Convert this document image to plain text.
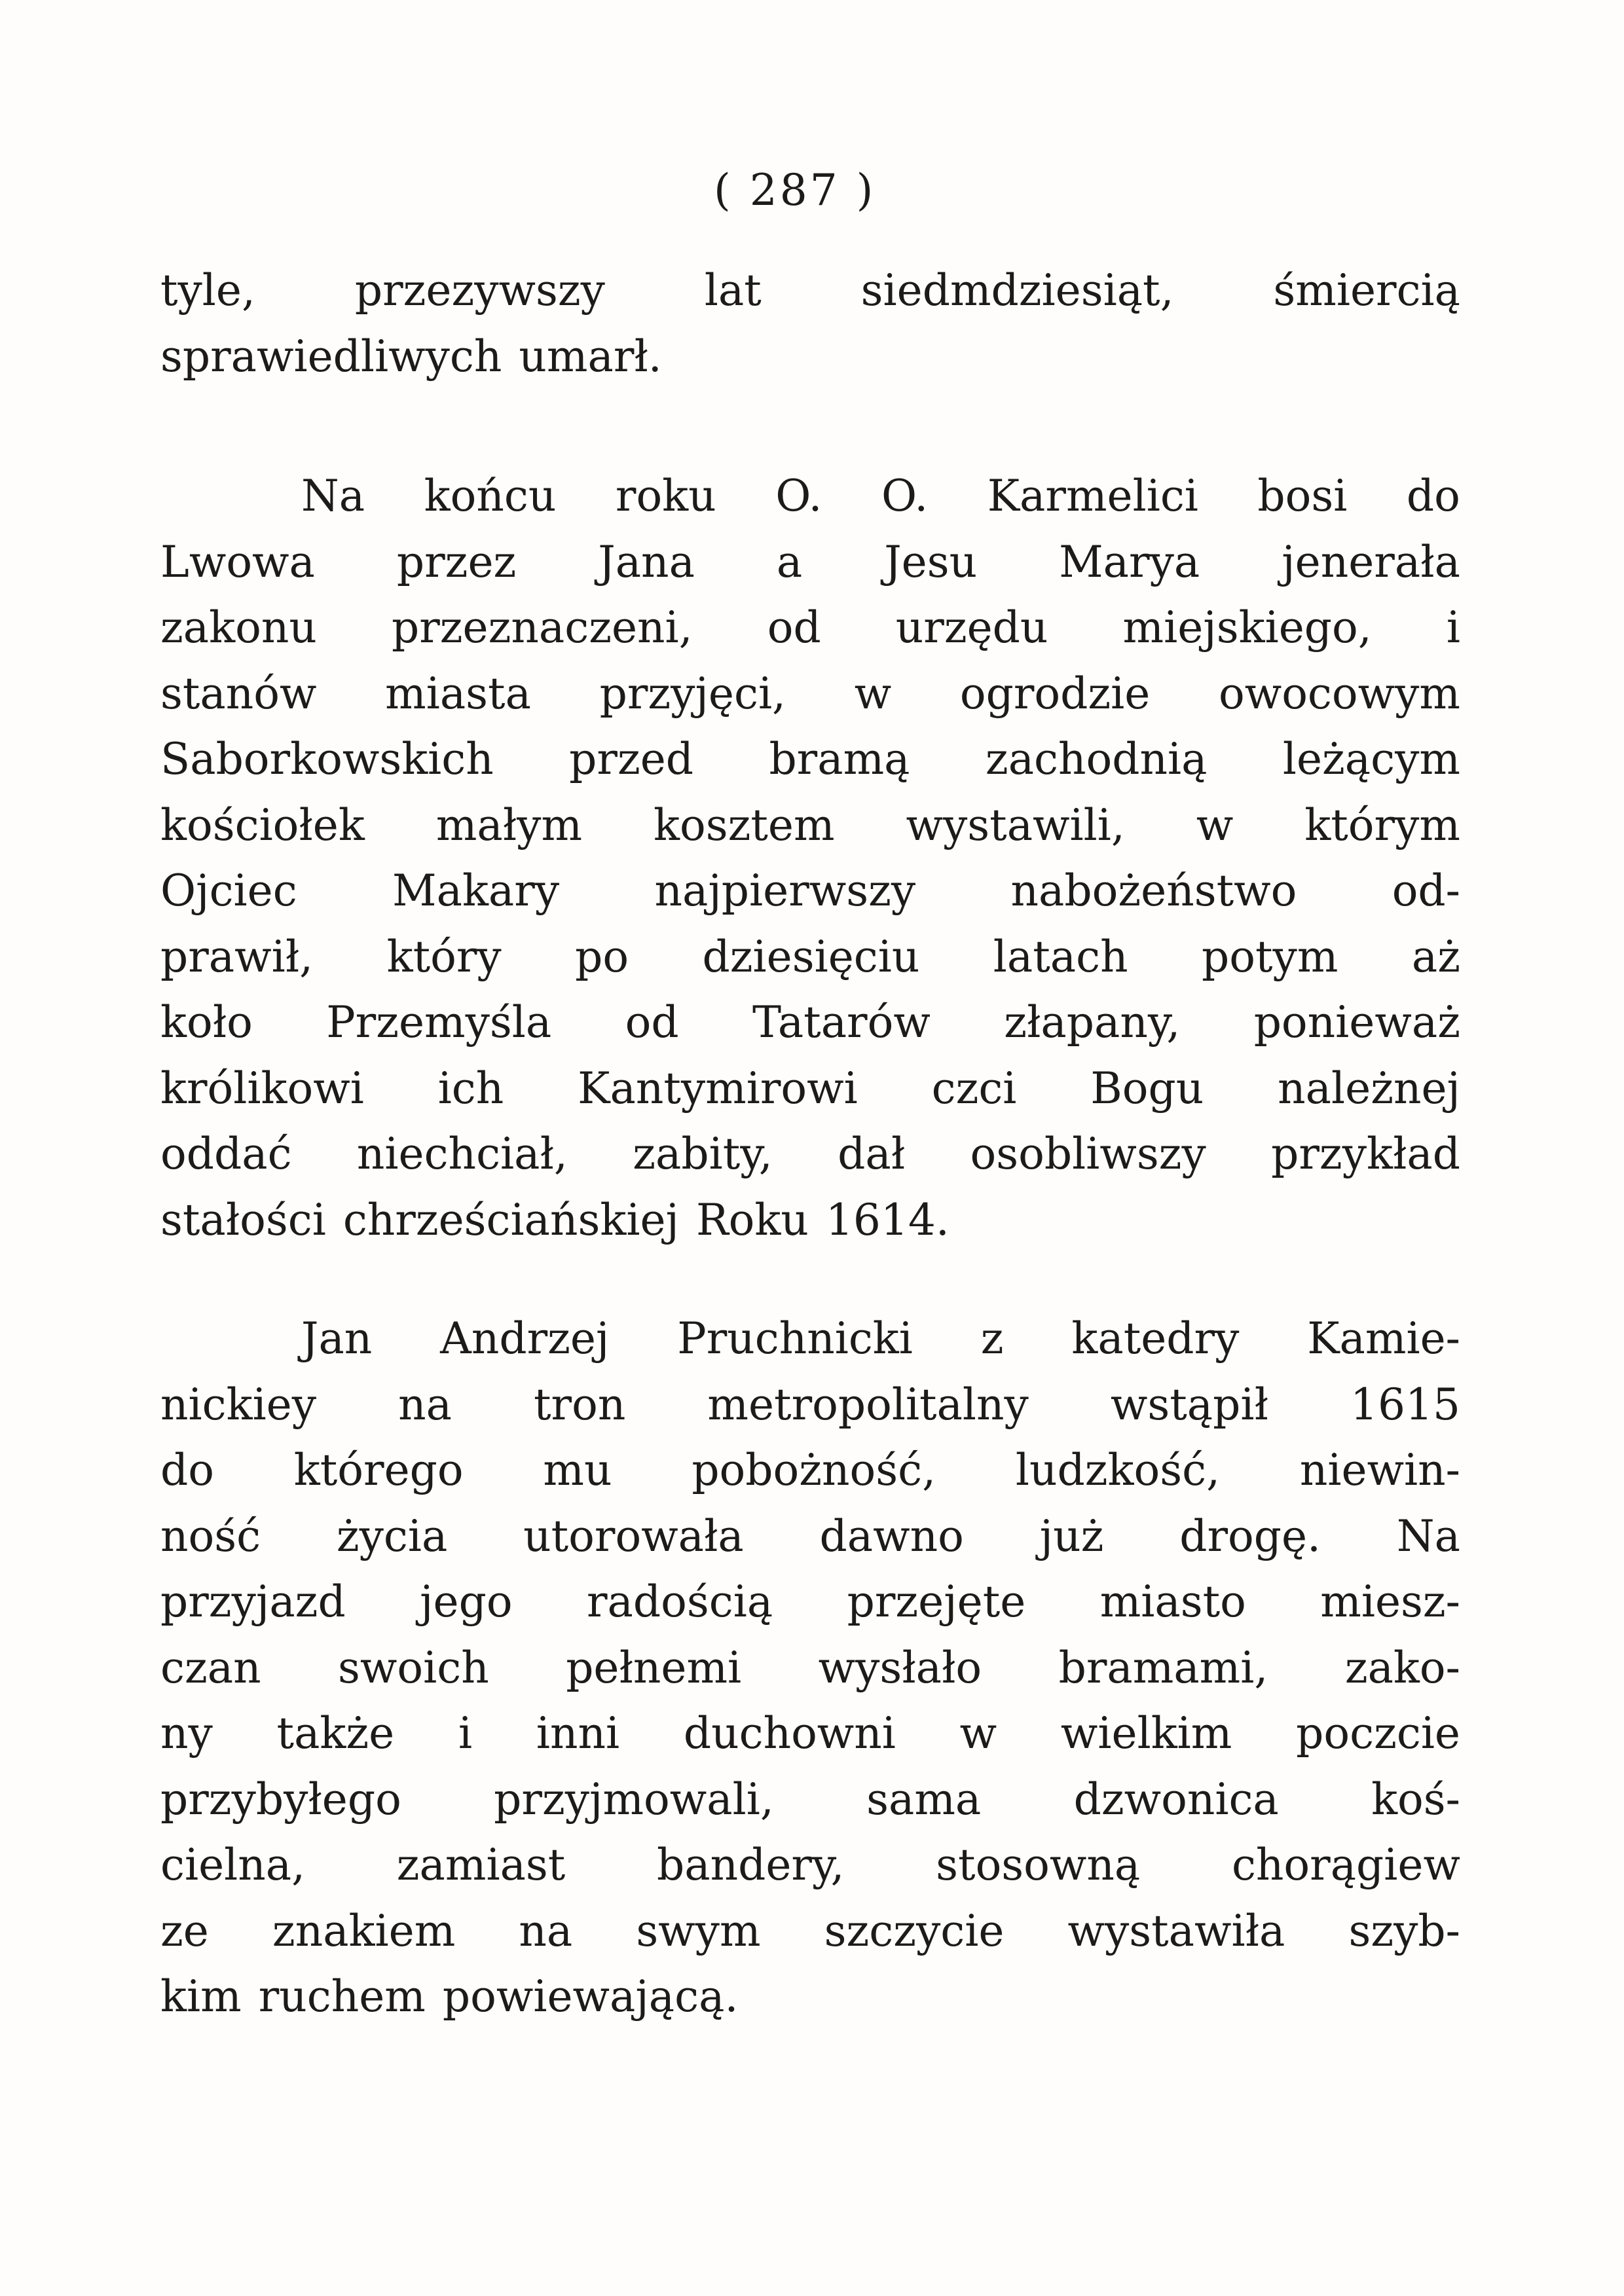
( 287 )
tyle, przezywszy lat siedmdziesiąt, śmiercią
sprawiedliwych umarł.
Na końcu roku O. O. Karmelici bosi do
Lwowa przez Jana a Jesu Marya jenerała
zakonu przeznaczeni, od urzędu miejskiego, i
stanów miasta przyjęci, w ogrodzie owocowym
Saborkowskich przed bramą zachodnią leżącym
kościołek małym kosztem wystawili, w którym
Ojciec Makary najpierwszy nabożeństwo od-
prawił, który po dziesięciu latach potym aż
koło Przemyśla od Tatarów złapany, ponieważ
królikowi ich Kantymirowi czci Bogu należnej
oddać niechciał, zabity, dał osobliwszy przykład
stałości chrześciańskiej Roku 1614.
Jan Andrzej Pruchnicki z katedry Kamie-
nickiey na tron metropolitalny wstąpił 1615
do którego mu pobożność, ludzkość, niewin-
ność życia utorowała dawno już drogę. Na
przyjazd jego radością przejęte miasto miesz-
czan swoich pełnemi wysłało bramami, zako-
ny także i inni duchowni w wielkim poczcie
przybyłego przyjmowali, sama dzwonica koś-
cielna, zamiast bandery, stosowną chorągiew
ze znakiem na swym szczycie wystawiła szyb-
kim ruchem powiewającą.
